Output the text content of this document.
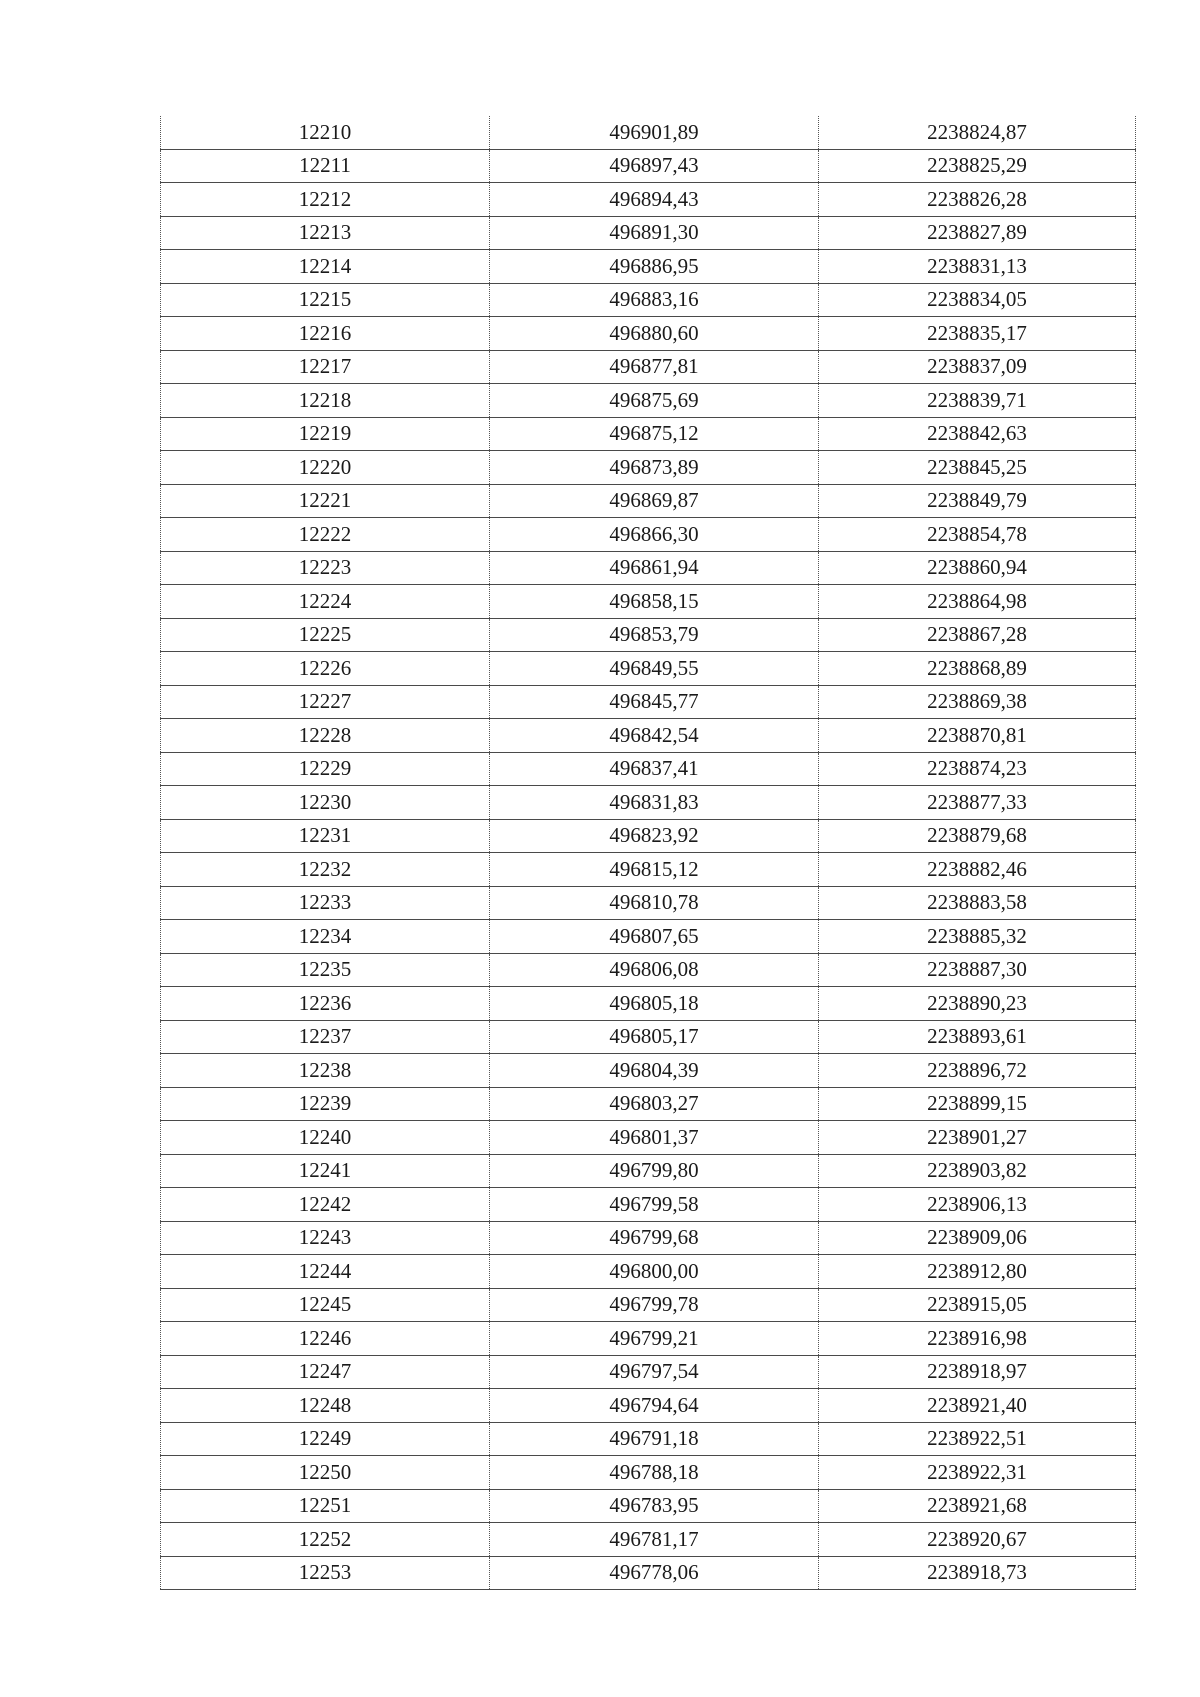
12210	496901,89	2238824,87
12211	496897,43	2238825,29
12212	496894,43	2238826,28
12213	496891,30	2238827,89
12214	496886,95	2238831,13
12215	496883,16	2238834,05
12216	496880,60	2238835,17
12217	496877,81	2238837,09
12218	496875,69	2238839,71
12219	496875,12	2238842,63
12220	496873,89	2238845,25
12221	496869,87	2238849,79
12222	496866,30	2238854,78
12223	496861,94	2238860,94
12224	496858,15	2238864,98
12225	496853,79	2238867,28
12226	496849,55	2238868,89
12227	496845,77	2238869,38
12228	496842,54	2238870,81
12229	496837,41	2238874,23
12230	496831,83	2238877,33
12231	496823,92	2238879,68
12232	496815,12	2238882,46
12233	496810,78	2238883,58
12234	496807,65	2238885,32
12235	496806,08	2238887,30
12236	496805,18	2238890,23
12237	496805,17	2238893,61
12238	496804,39	2238896,72
12239	496803,27	2238899,15
12240	496801,37	2238901,27
12241	496799,80	2238903,82
12242	496799,58	2238906,13
12243	496799,68	2238909,06
12244	496800,00	2238912,80
12245	496799,78	2238915,05
12246	496799,21	2238916,98
12247	496797,54	2238918,97
12248	496794,64	2238921,40
12249	496791,18	2238922,51
12250	496788,18	2238922,31
12251	496783,95	2238921,68
12252	496781,17	2238920,67
12253	496778,06	2238918,73
